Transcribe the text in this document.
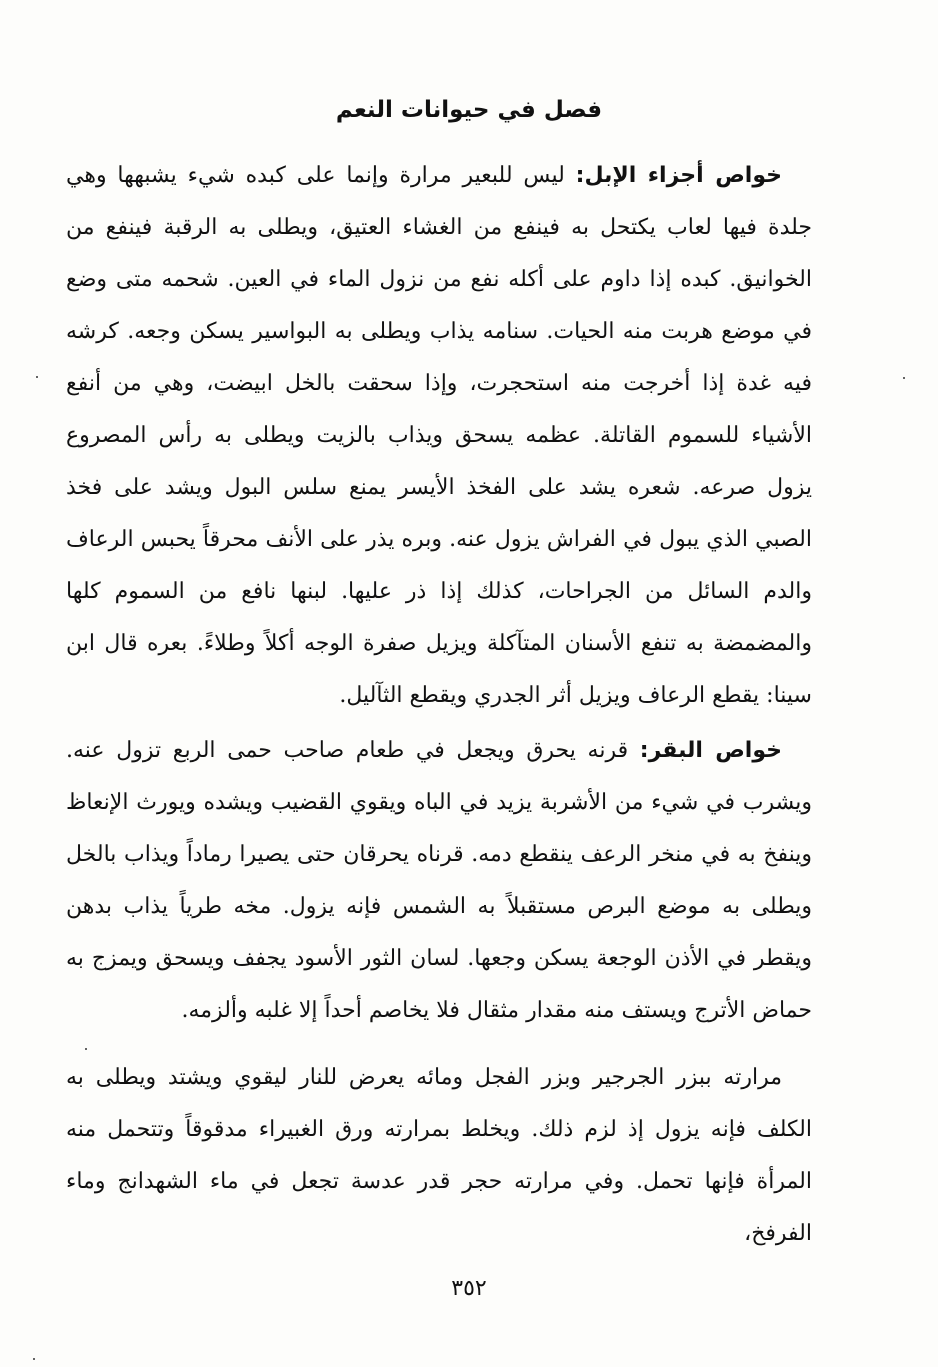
فصل في حيوانات النعم

خواص أجزاء الإبل: ليس للبعير مرارة وإنما على كبده شيء يشبهها وهي جلدة فيها لعاب يكتحل به فينفع من الغشاء العتيق، ويطلى به الرقبة فينفع من الخوانيق. كبده إذا داوم على أكله نفع من نزول الماء في العين. شحمه متى وضع في موضع هربت منه الحيات. سنامه يذاب ويطلى به البواسير يسكن وجعه. كرشه فيه غدة إذا أخرجت منه استحجرت، وإذا سحقت بالخل ابيضت، وهي من أنفع الأشياء للسموم القاتلة. عظمه يسحق ويذاب بالزيت ويطلى به رأس المصروع يزول صرعه. شعره يشد على الفخذ الأيسر يمنع سلس البول ويشد على فخذ الصبي الذي يبول في الفراش يزول عنه. وبره يذر على الأنف محرقاً يحبس الرعاف والدم السائل من الجراحات، كذلك إذا ذر عليها. لبنها نافع من السموم كلها والمضمضة به تنفع الأسنان المتآكلة ويزيل صفرة الوجه أكلاً وطلاءً. بعره قال ابن سينا: يقطع الرعاف ويزيل أثر الجدري ويقطع الثآليل.

خواص البقر: قرنه يحرق ويجعل في طعام صاحب حمى الربع تزول عنه. ويشرب في شيء من الأشربة يزيد في الباه ويقوي القضيب ويشده ويورث الإنعاظ وينفخ به في منخر الرعف ينقطع دمه. قرناه يحرقان حتى يصيرا رماداً ويذاب بالخل ويطلى به موضع البرص مستقبلاً به الشمس فإنه يزول. مخه طرياً يذاب بدهن ويقطر في الأذن الوجعة يسكن وجعها. لسان الثور الأسود يجفف ويسحق ويمزج به حماض الأترج ويستف منه مقدار مثقال فلا يخاصم أحداً إلا غلبه وألزمه.

مرارته ببزر الجرجير وبزر الفجل ومائه يعرض للنار ليقوي ويشتد ويطلى به الكلف فإنه يزول إذ لزم ذلك. ويخلط بمرارته ورق الغبيراء مدقوقاً وتتحمل منه المرأة فإنها تحمل. وفي مرارته حجر قدر عدسة تجعل في ماء الشهدانج وماء الفرفخ،

٣٥٢
